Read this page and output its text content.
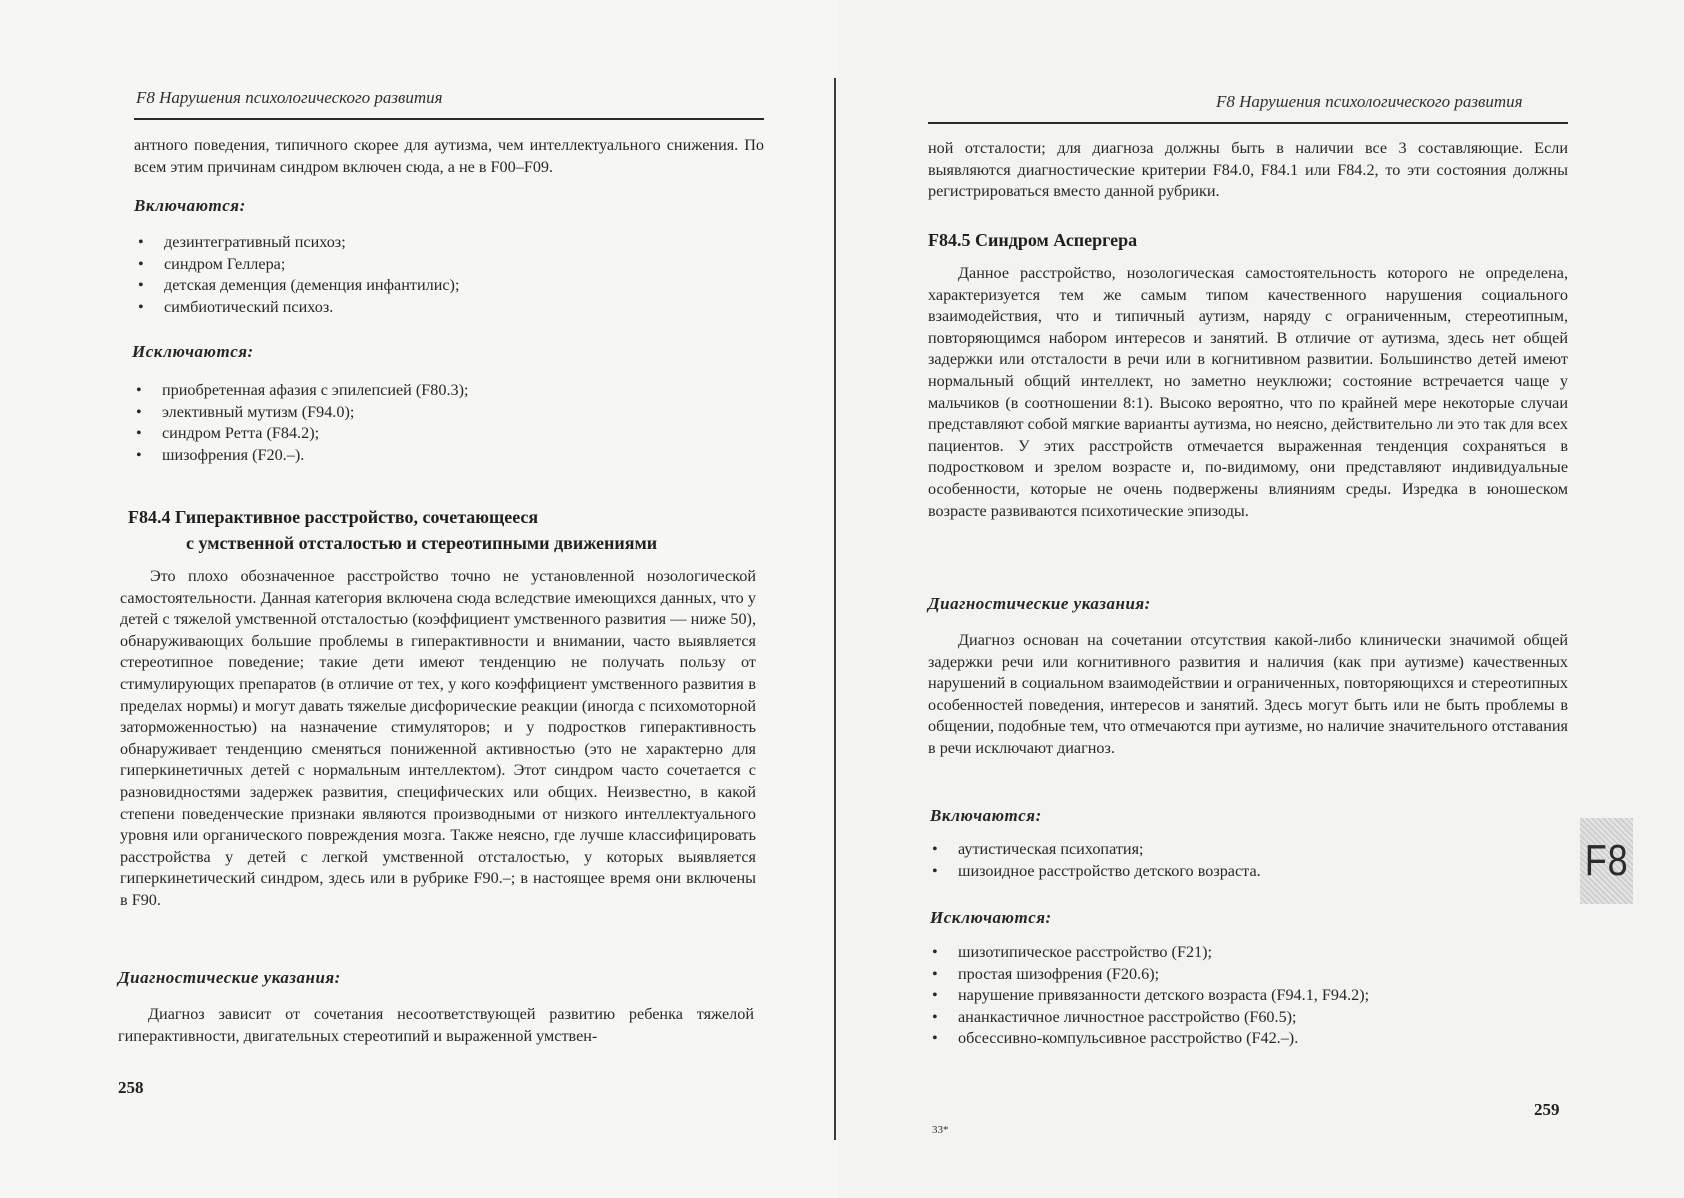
F8 Нарушения психологического развития

антного поведения, типичного скорее для аутизма, чем интеллектуального снижения. По всем этим причинам синдром включен сюда, а не в F00–F09.

Включаются:
• дезинтегративный психоз;
• синдром Геллера;
• детская деменция (деменция инфантилис);
• симбиотический психоз.
Исключаются:
• приобретенная афазия с эпилепсией (F80.3);
• элективный мутизм (F94.0);
• синдром Ретта (F84.2);
• шизофрения (F20.–).
F84.4 Гиперактивное расстройство, сочетающееся
с умственной отсталостью и стереотипными движениями

Это плохо обозначенное расстройство точно не установленной нозологической самостоятельности. Данная категория включена сюда вследствие имеющихся данных, что у детей с тяжелой умственной отсталостью (коэффициент умственного развития — ниже 50), обнаруживающих большие проблемы в гиперактивности и внимании, часто выявляется стереотипное поведение; такие дети имеют тенденцию не получать пользу от стимулирующих препаратов (в отличие от тех, у кого коэффициент умственного развития в пределах нормы) и могут давать тяжелые дисфорические реакции (иногда с психомоторной заторможенностью) на назначение стимуляторов; и у подростков гиперактивность обнаруживает тенденцию сменяться пониженной активностью (это не характерно для гиперкинетичных детей с нормальным интеллектом). Этот синдром часто сочетается с разновидностями задержек развития, специфических или общих. Неизвестно, в какой степени поведенческие признаки являются производными от низкого интеллектуального уровня или органического повреждения мозга. Также неясно, где лучше классифицировать расстройства у детей с легкой умственной отсталостью, у которых выявляется гиперкинетический синдром, здесь или в рубрике F90.–; в настоящее время они включены в F90.

Диагностические указания:

Диагноз зависит от сочетания несоответствующей развитию ребенка тяжелой гиперактивности, двигательных стереотипий и выраженной умствен-

258
F8 Нарушения психологического развития

ной отсталости; для диагноза должны быть в наличии все 3 составляющие. Если выявляются диагностические критерии F84.0, F84.1 или F84.2, то эти состояния должны регистрироваться вместо данной рубрики.

F84.5 Синдром Аспергера

Данное расстройство, нозологическая самостоятельность которого не определена, характеризуется тем же самым типом качественного нарушения социального взаимодействия, что и типичный аутизм, наряду с ограниченным, стереотипным, повторяющимся набором интересов и занятий. В отличие от аутизма, здесь нет общей задержки или отсталости в речи или в когнитивном развитии. Большинство детей имеют нормальный общий интеллект, но заметно неуклюжи; состояние встречается чаще у мальчиков (в соотношении 8:1). Высоко вероятно, что по крайней мере некоторые случаи представляют собой мягкие варианты аутизма, но неясно, действительно ли это так для всех пациентов. У этих расстройств отмечается выраженная тенденция сохраняться в подростковом и зрелом возрасте и, по-видимому, они представляют индивидуальные особенности, которые не очень подвержены влияниям среды. Изредка в юношеском возрасте развиваются психотические эпизоды.

Диагностические указания:

Диагноз основан на сочетании отсутствия какой-либо клинически значимой общей задержки речи или когнитивного развития и наличия (как при аутизме) качественных нарушений в социальном взаимодействии и ограниченных, повторяющихся и стереотипных особенностей поведения, интересов и занятий. Здесь могут быть или не быть проблемы в общении, подобные тем, что отмечаются при аутизме, но наличие значительного отставания в речи исключают диагноз.

Включаются:
• аутистическая психопатия;
• шизоидное расстройство детского возраста.
Исключаются:
• шизотипическое расстройство (F21);
• простая шизофрения (F20.6);
• нарушение привязанности детского возраста (F94.1, F94.2);
• ананкастичное личностное расстройство (F60.5);
• обсессивно-компульсивное расстройство (F42.–).
33*
259
F8
